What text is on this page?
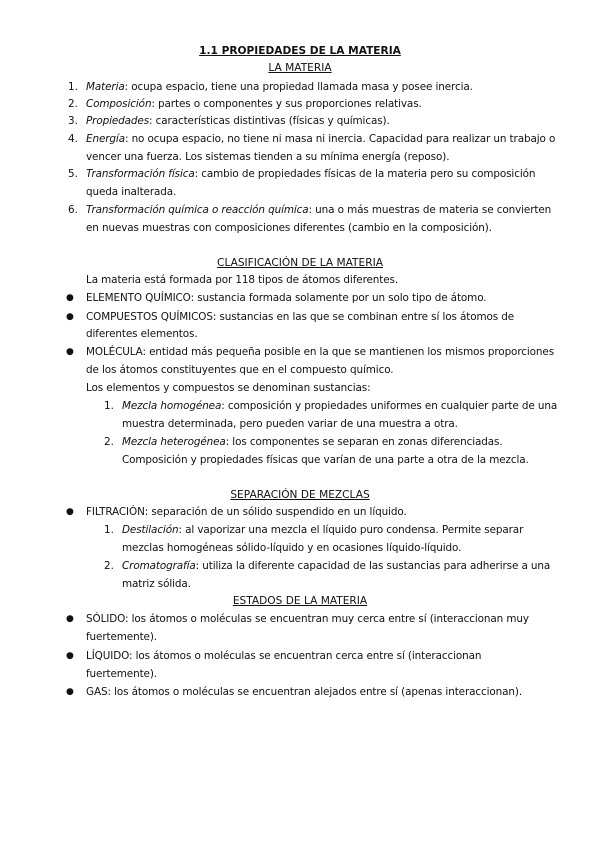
1.1 PROPIEDADES DE LA MATERIA
LA MATERIA
1. Materia: ocupa espacio, tiene una propiedad llamada masa y posee inercia.
2. Composición: partes o componentes y sus proporciones relativas.
3. Propiedades: características distintivas (físicas y químicas).
4. Energía: no ocupa espacio, no tiene ni masa ni inercia. Capacidad para realizar un trabajo o
vencer una fuerza. Los sistemas tienden a su mínima energía (reposo).
5. Transformación física: cambio de propiedades físicas de la materia pero su composición
queda inalterada.
6. Transformación química o reacción química: una o más muestras de materia se convierten
en nuevas muestras con composiciones diferentes (cambio en la composición).
CLASIFICACIÓN DE LA MATERIA
La materia está formada por 118 tipos de átomos diferentes.
● ELEMENTO QUÍMICO: sustancia formada solamente por un solo tipo de átomo.
● COMPUESTOS QUÍMICOS: sustancias en las que se combinan entre sí los átomos de
diferentes elementos.
● MOLÉCULA: entidad más pequeña posible en la que se mantienen los mismos proporciones
de los átomos constituyentes que en el compuesto químico.
Los elementos y compuestos se denominan sustancias:
1. Mezcla homogénea: composición y propiedades uniformes en cualquier parte de una
muestra determinada, pero pueden variar de una muestra a otra.
2. Mezcla heterogénea: los componentes se separan en zonas diferenciadas.
Composición y propiedades físicas que varían de una parte a otra de la mezcla.
SEPARACIÓN DE MEZCLAS
● FILTRACIÓN: separación de un sólido suspendido en un líquido.
1. Destilación: al vaporizar una mezcla el líquido puro condensa. Permite separar
mezclas homogéneas sólido-líquido y en ocasiones líquido-líquido.
2. Cromatografía: utiliza la diferente capacidad de las sustancias para adherirse a una
matriz sólida.
ESTADOS DE LA MATERIA
● SÓLIDO: los átomos o moléculas se encuentran muy cerca entre sí (interaccionan muy
fuertemente).
● LÍQUIDO: los átomos o moléculas se encuentran cerca entre sí (interaccionan
fuertemente).
● GAS: los átomos o moléculas se encuentran alejados entre sí (apenas interaccionan).
